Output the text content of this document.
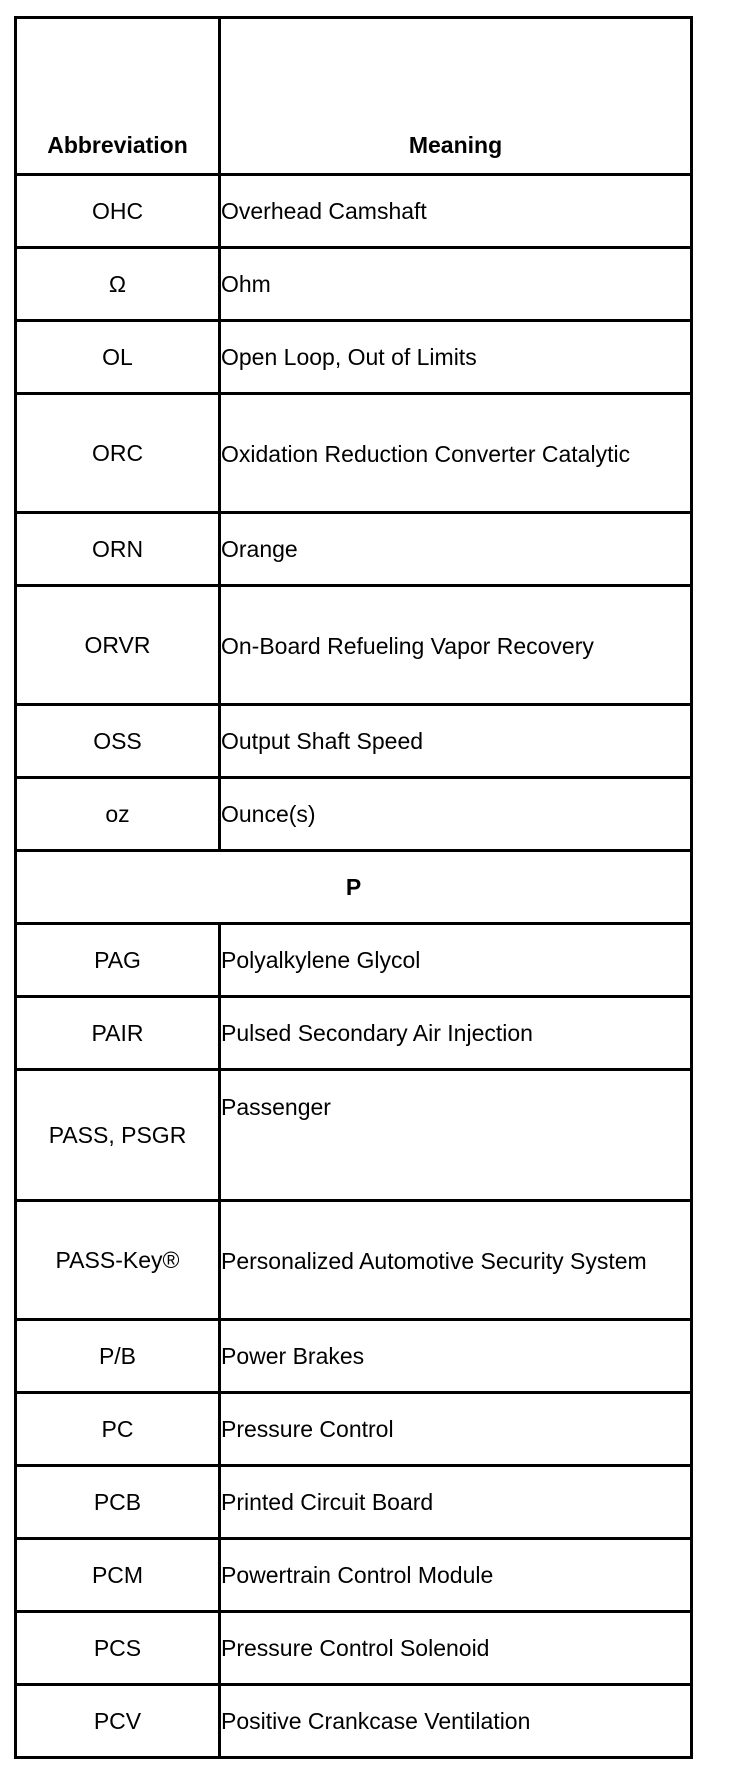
Abbreviation	Meaning
OHC	Overhead Camshaft
Ω	Ohm
OL	Open Loop, Out of Limits
ORC	Oxidation Reduction Converter Catalytic
ORN	Orange
ORVR	On-Board Refueling Vapor Recovery
OSS	Output Shaft Speed
oz	Ounce(s)
P	
PAG	Polyalkylene Glycol
PAIR	Pulsed Secondary Air Injection
PASS, PSGR	Passenger
PASS-Key®	Personalized Automotive Security System
P/B	Power Brakes
PC	Pressure Control
PCB	Printed Circuit Board
PCM	Powertrain Control Module
PCS	Pressure Control Solenoid
PCV	Positive Crankcase Ventilation
